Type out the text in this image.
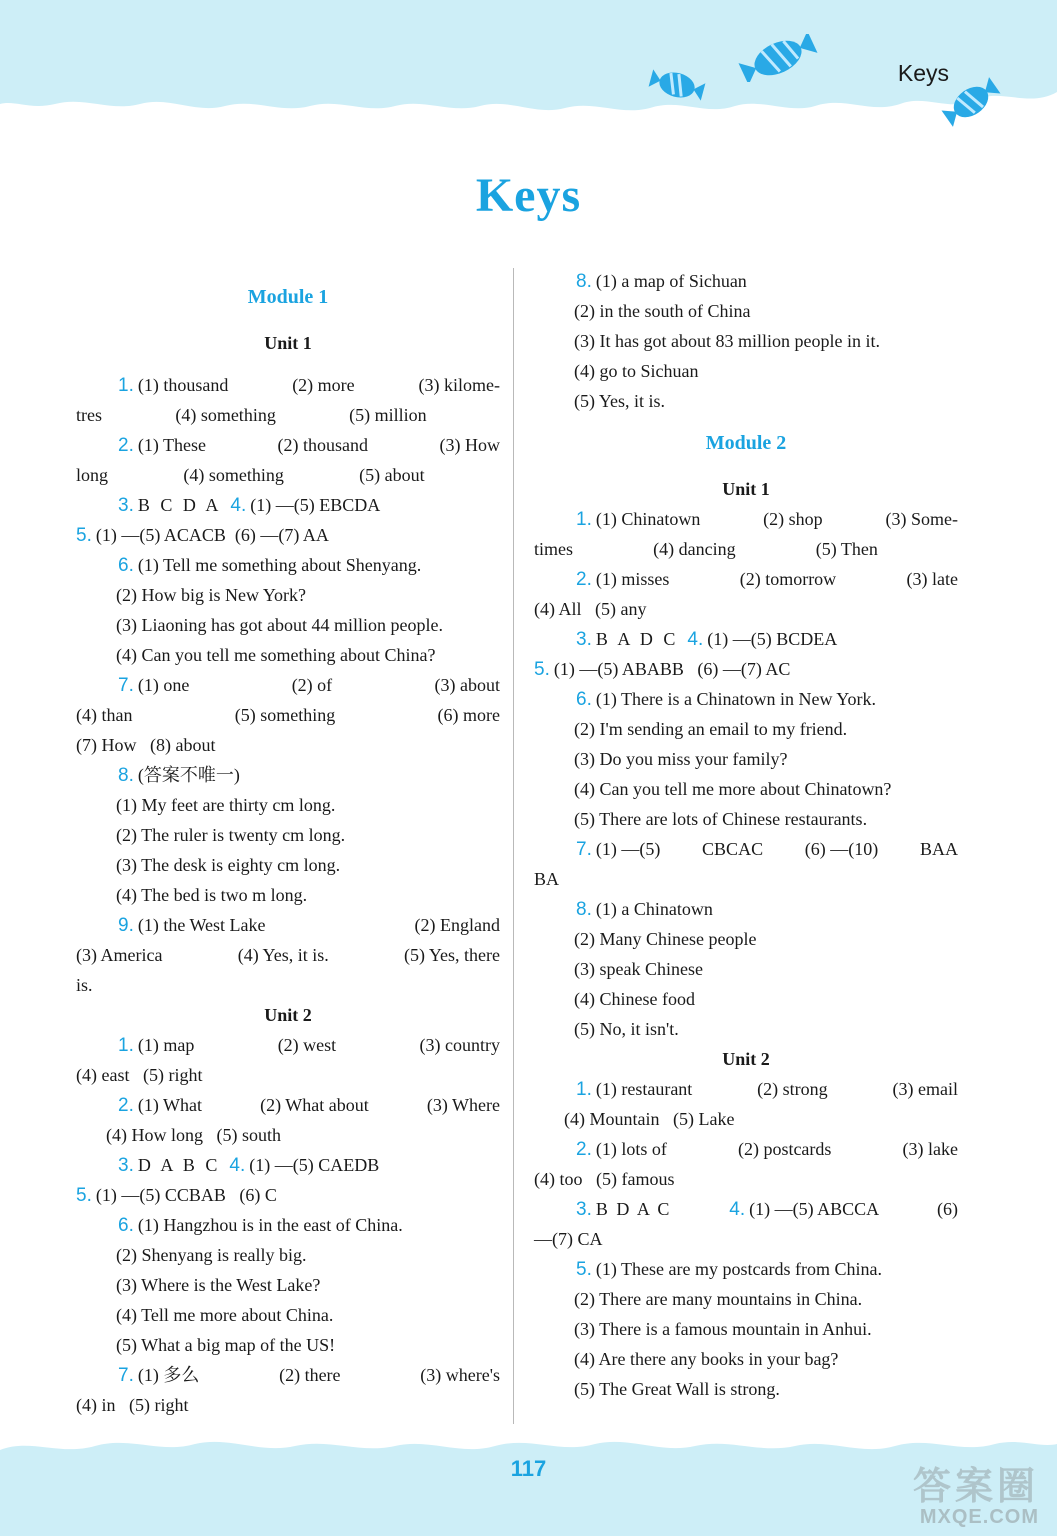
Keys
Keys
Module 1
Unit 1
1. (1) thousand	(2) more	(3) kilome-
tres	(4) something	(5) million
2. (1) These	(2) thousand	(3) How
long	(4) something	(5) about
3. B C D A 4. (1) —(5) EBCDA
5. (1) —(5) ACACB  (6) —(7) AA
6. (1) Tell me something about Shenyang.
(2) How big is New York?
(3) Liaoning has got about 44 million people.
(4) Can you tell me something about China?
7. (1) one	(2) of	(3) about
(4) than	(5) something	(6) more
(7) How   (8) about
8. (答案不唯一)
(1) My feet are thirty cm long.
(2) The ruler is twenty cm long.
(3) The desk is eighty cm long.
(4) The bed is two m long.
9. (1) the West Lake	(2) England
(3) America	(4) Yes, it is.	(5) Yes, there
is.
Unit 2
1. (1) map	(2) west	(3) country
(4) east   (5) right
2. (1) What	(2) What about	(3) Where
(4) How long   (5) south
3. D A B C 4. (1) —(5) CAEDB
5. (1) —(5) CCBAB   (6) C
6. (1) Hangzhou is in the east of China.
(2) Shenyang is really big.
(3) Where is the West Lake?
(4) Tell me more about China.
(5) What a big map of the US!
7. (1) 多么	(2) there	(3) where's
(4) in   (5) right
8. (1) a map of Sichuan
(2) in the south of China
(3) It has got about 83 million people in it.
(4) go to Sichuan
(5) Yes, it is.
Module 2
Unit 1
1. (1) Chinatown	(2) shop	(3) Some-
times	(4) dancing	(5) Then
2. (1) misses	(2) tomorrow	(3) late
(4) All   (5) any
3. B A D C 4. (1) —(5) BCDEA
5. (1) —(5) ABABB   (6) —(7) AC
6. (1) There is a Chinatown in New York.
(2) I'm sending an email to my friend.
(3) Do you miss your family?
(4) Can you tell me more about Chinatown?
(5) There are lots of Chinese restaurants.
7. (1) —(5) CBCAC (6) —(10) BAA
BA
8. (1) a Chinatown
(2) Many Chinese people
(3) speak Chinese
(4) Chinese food
(5) No, it isn't.
Unit 2
1. (1) restaurant	(2) strong	(3) email
(4) Mountain   (5) Lake
2. (1) lots of	(2) postcards	(3) lake
(4) too   (5) famous
3. B D A C	4. (1) —(5) ABCCA	(6)
—(7) CA
5. (1) These are my postcards from China.
(2) There are many mountains in China.
(3) There is a famous mountain in Anhui.
(4) Are there any books in your bag?
(5) The Great Wall is strong.
117	答案圈
MXQE.COM
